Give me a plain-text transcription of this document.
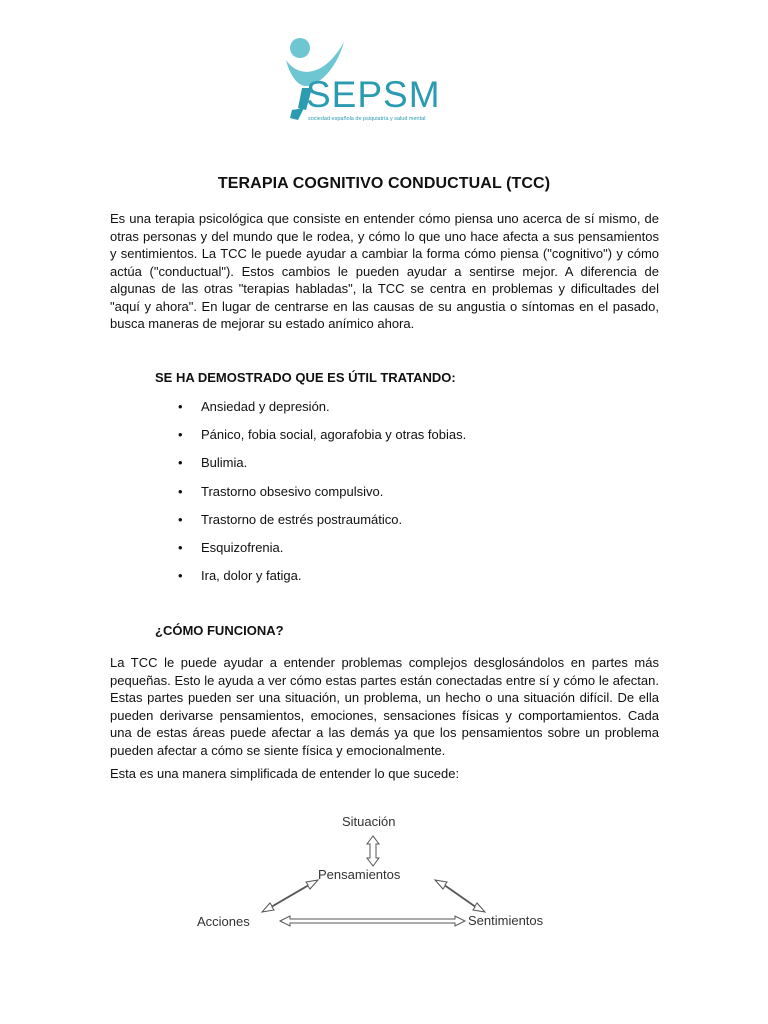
SEPSM
sociedad española de psiquiatría y salud mental
TERAPIA COGNITIVO CONDUCTUAL (TCC)
Es una terapia psicológica que consiste en entender cómo piensa uno acerca de sí mismo, de otras personas y del mundo que le rodea, y cómo lo que uno hace afecta a sus pensamientos y sentimientos. La TCC le puede ayudar a cambiar la forma cómo piensa ("cognitivo") y cómo actúa ("conductual"). Estos cambios le pueden ayudar a sentirse mejor. A diferencia de algunas de las otras "terapias habladas", la TCC se centra en problemas y dificultades del "aquí y ahora". En lugar de centrarse en las causas de su angustia o síntomas en el pasado, busca maneras de mejorar su estado anímico ahora.
SE HA DEMOSTRADO QUE ES ÚTIL TRATANDO:
• Ansiedad y depresión.
• Pánico, fobia social, agorafobia y otras fobias.
• Bulimia.
• Trastorno obsesivo compulsivo.
• Trastorno de estrés postraumático.
• Esquizofrenia.
• Ira, dolor y fatiga.
¿CÓMO FUNCIONA?
La TCC le puede ayudar a entender problemas complejos desglosándolos en partes más pequeñas. Esto le ayuda a ver cómo estas partes están conectadas entre sí y cómo le afectan. Estas partes pueden ser una situación, un problema, un hecho o una situación difícil. De ella pueden derivarse pensamientos, emociones, sensaciones físicas y comportamientos. Cada una de estas áreas puede afectar a las demás ya que los pensamientos sobre un problema pueden afectar a cómo se siente física y emocionalmente.
Esta es una manera simplificada de entender lo que sucede:
Situación
Pensamientos
Acciones	Sentimientos
